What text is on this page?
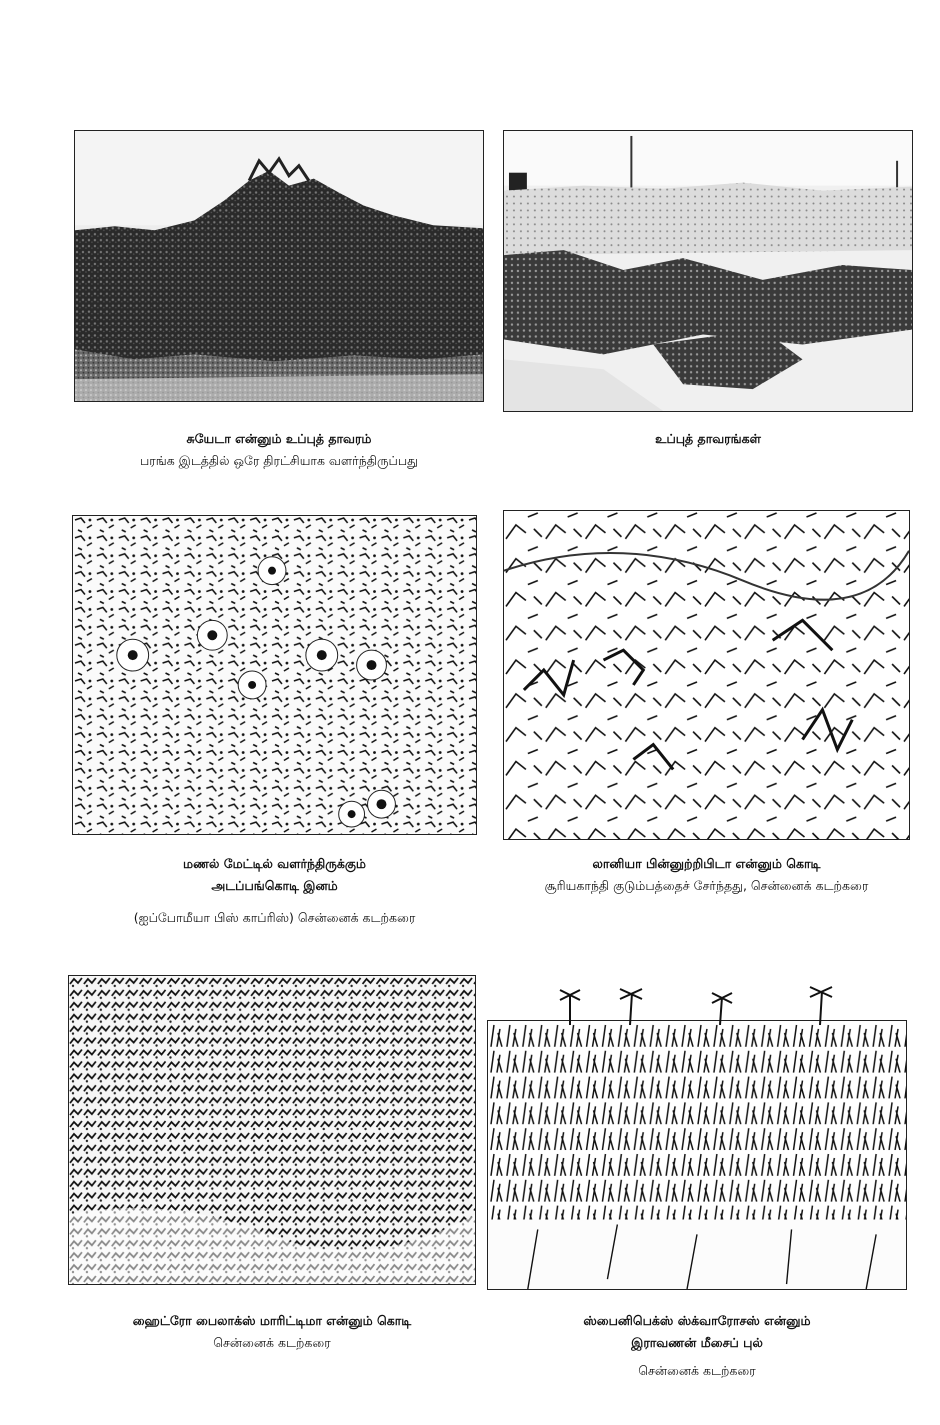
சுயேடா என்னும் உப்புத் தாவரம்
பரங்க இடத்தில் ஒரே திரட்சியாக வளர்ந்திருப்பது
உப்புத் தாவரங்கள்
மணல் மேட்டில் வளர்ந்திருக்கும்
அடப்பங்கொடி இனம்
(ஐப்போமீயா பிஸ் காப்ரிஸ்) சென்னைக் கடற்கரை
லானியா பின்னுற்றிபிடா என்னும் கொடி
சூரியகாந்தி குடும்பத்தைச் சேர்ந்தது, சென்னைக் கடற்கரை
ஹைட்ரோ பைலாக்ஸ் மாரிட்டிமா என்னும் கொடி
சென்னைக் கடற்கரை
ஸ்பைனிபெக்ஸ் ஸ்க்வாரோசஸ் என்னும்
இராவணன் மீசைப் புல்
சென்னைக் கடற்கரை
